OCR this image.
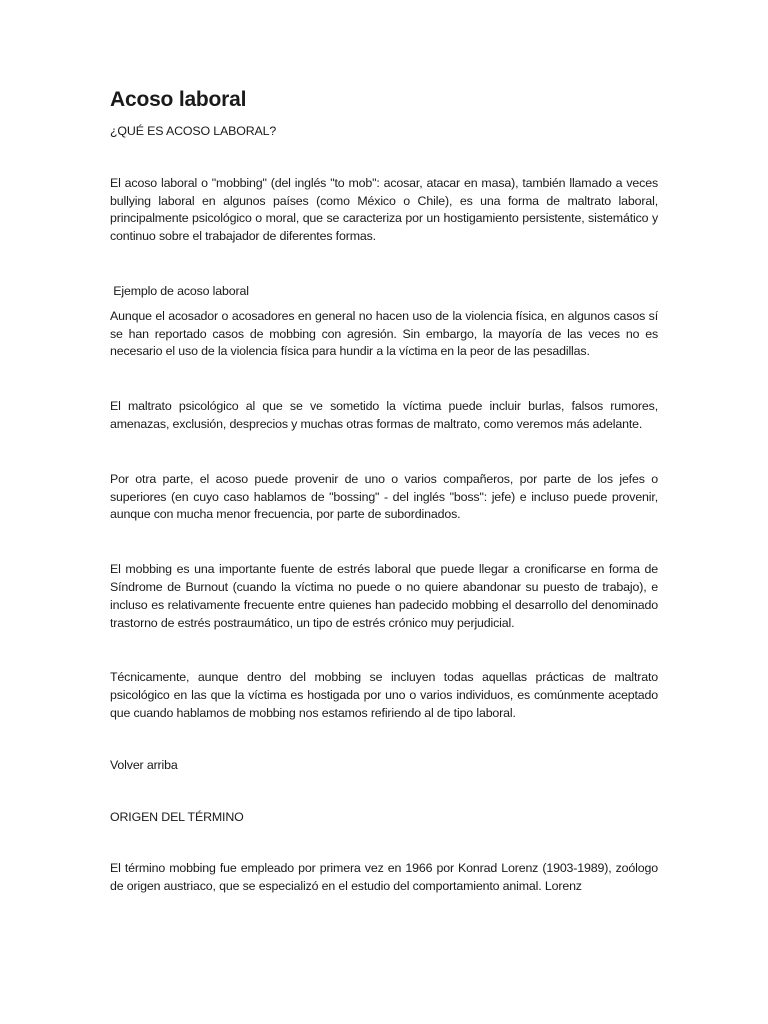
Acoso laboral
¿QUÉ ES ACOSO LABORAL?

El acoso laboral o "mobbing" (del inglés "to mob": acosar, atacar en masa), también llamado a veces bullying laboral en algunos países (como México o Chile), es una forma de maltrato laboral, principalmente psicológico o moral, que se caracteriza por un hostigamiento persistente, sistemático y continuo sobre el trabajador de diferentes formas.

Ejemplo de acoso laboral

Aunque el acosador o acosadores en general no hacen uso de la violencia física, en algunos casos sí se han reportado casos de mobbing con agresión. Sin embargo, la mayoría de las veces no es necesario el uso de la violencia física para hundir a la víctima en la peor de las pesadillas.

El maltrato psicológico al que se ve sometido la víctima puede incluir burlas, falsos rumores, amenazas, exclusión, desprecios y muchas otras formas de maltrato, como veremos más adelante.

Por otra parte, el acoso puede provenir de uno o varios compañeros, por parte de los jefes o superiores (en cuyo caso hablamos de "bossing" - del inglés "boss": jefe) e incluso puede provenir, aunque con mucha menor frecuencia, por parte de subordinados.

El mobbing es una importante fuente de estrés laboral que puede llegar a cronificarse en forma de Síndrome de Burnout (cuando la víctima no puede o no quiere abandonar su puesto de trabajo), e incluso es relativamente frecuente entre quienes han padecido mobbing el desarrollo del denominado trastorno de estrés postraumático, un tipo de estrés crónico muy perjudicial.

Técnicamente, aunque dentro del mobbing se incluyen todas aquellas prácticas de maltrato psicológico en las que la víctima es hostigada por uno o varios individuos, es comúnmente aceptado que cuando hablamos de mobbing nos estamos refiriendo al de tipo laboral.

Volver arriba
ORIGEN DEL TÉRMINO

El término mobbing fue empleado por primera vez en 1966 por Konrad Lorenz (1903-1989), zoólogo de origen austriaco, que se especializó en el estudio del comportamiento animal. Lorenz
